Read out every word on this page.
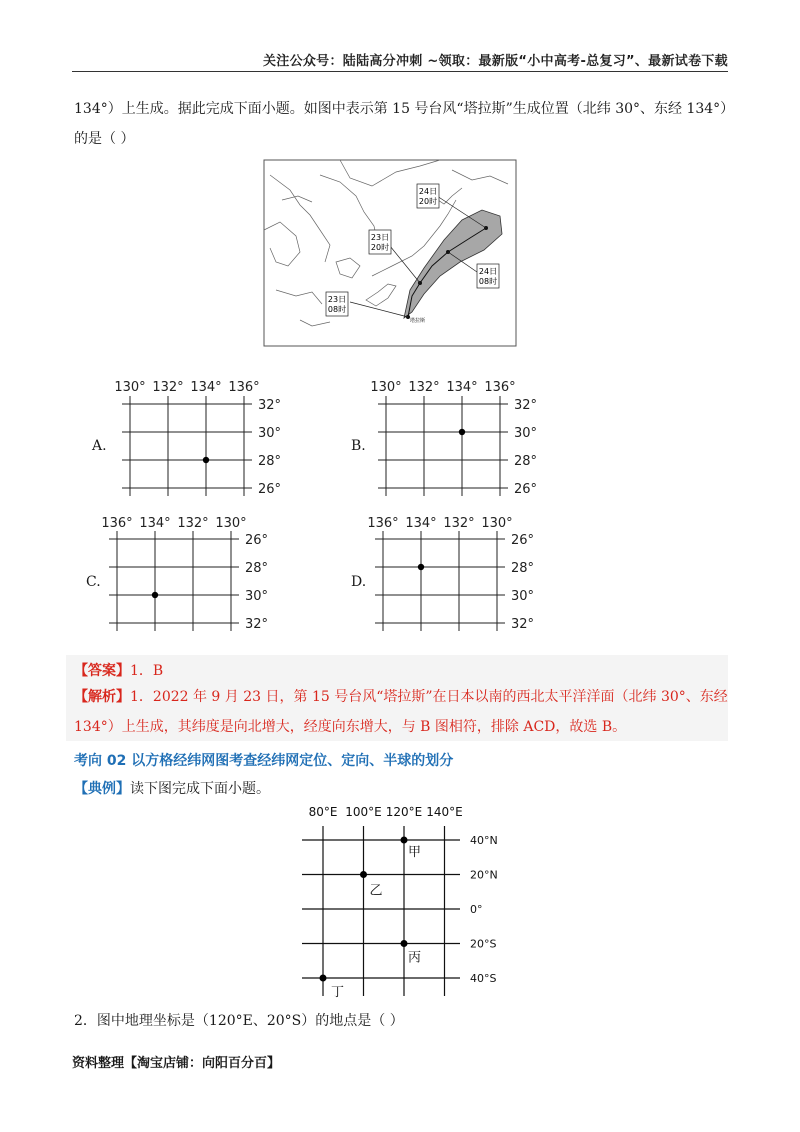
关注公众号：陆陆高分冲刺 ~领取：最新版“小中高考-总复习”、最新试卷下载
134°）上生成。据此完成下面小题。如图中表示第 15 号台风“塔拉斯”生成位置（北纬 30°、东经 134°）
的是（ ）
24日
20时
23日
20时
24日
08时
23日
08时
塔拉斯
130° 132° 134° 136°
32°
30°
28°
26°
130° 132° 134° 136°
32°
30°
28°
26°
136° 134° 132° 130°
26°
28°
30°
32°
136° 134° 132° 130°
26°
28°
30°
32°
80°E 100°E 120°E 140°E
40°N
20°N
0°
20°S
40°S
甲
乙
丙
丁
A.	B.
C.	D.
【答案】1．B
【解析】1．2022 年 9 月 23 日，第 15 号台风“塔拉斯”在日本以南的西北太平洋洋面（北纬 30°、东经
134°）上生成，其纬度是向北增大，经度向东增大，与 B 图相符，排除 ACD，故选 B。
考向 02 以方格经纬网图考查经纬网定位、定向、半球的划分
【典例】读下图完成下面小题。
2．图中地理坐标是（120°E、20°S）的地点是（ ）
资料整理【淘宝店铺：向阳百分百】
